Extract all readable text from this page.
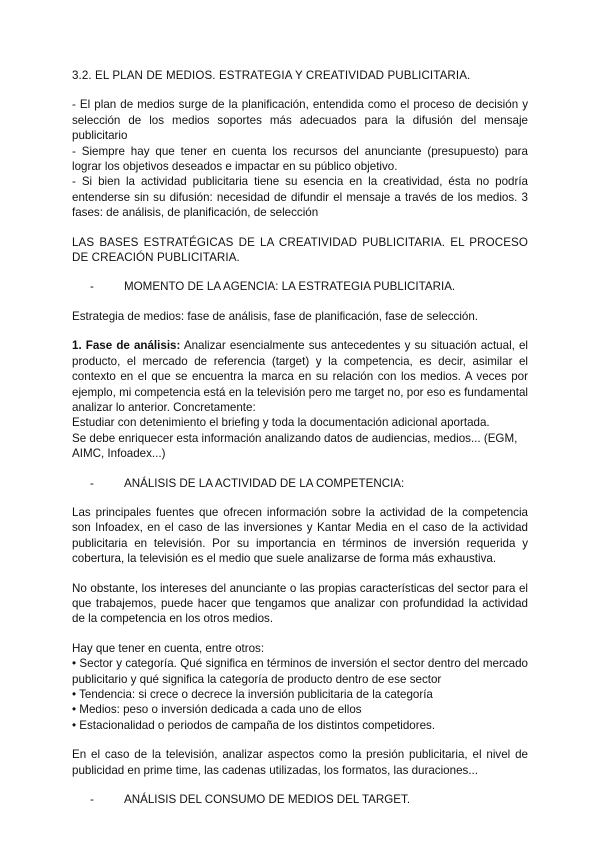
3.2. EL PLAN DE MEDIOS. ESTRATEGIA Y CREATIVIDAD PUBLICITARIA.

- El plan de medios surge de la planificación, entendida como el proceso de decisión y selección de los medios soportes más adecuados para la difusión del mensaje publicitario

- Siempre hay que tener en cuenta los recursos del anunciante (presupuesto) para lograr los objetivos deseados e impactar en su público objetivo.

- Si bien la actividad publicitaria tiene su esencia en la creatividad, ésta no podría entenderse sin su difusión: necesidad de difundir el mensaje a través de los medios. 3 fases: de análisis, de planificación, de selección

LAS BASES ESTRATÉGICAS DE LA CREATIVIDAD PUBLICITARIA. EL PROCESO DE CREACIÓN PUBLICITARIA.

-	MOMENTO DE LA AGENCIA: LA ESTRATEGIA PUBLICITARIA.

Estrategia de medios: fase de análisis, fase de planificación, fase de selección.

1. Fase de análisis: Analizar esencialmente sus antecedentes y su situación actual, el producto, el mercado de referencia (target) y la competencia, es decir, asimilar el contexto en el que se encuentra la marca en su relación con los medios. A veces por ejemplo, mi competencia está en la televisión pero me target no, por eso es fundamental analizar lo anterior. Concretamente:

Estudiar con detenimiento el briefing y toda la documentación adicional aportada.

Se debe enriquecer esta información analizando datos de audiencias, medios... (EGM, AIMC, Infoadex...)

-	ANÁLISIS DE LA ACTIVIDAD DE LA COMPETENCIA:

Las principales fuentes que ofrecen información sobre la actividad de la competencia son Infoadex, en el caso de las inversiones y Kantar Media en el caso de la actividad publicitaria en televisión. Por su importancia en términos de inversión requerida y cobertura, la televisión es el medio que suele analizarse de forma más exhaustiva.

No obstante, los intereses del anunciante o las propias características del sector para el que trabajemos, puede hacer que tengamos que analizar con profundidad la actividad de la competencia en los otros medios.

Hay que tener en cuenta, entre otros:

• Sector y categoría. Qué significa en términos de inversión el sector dentro del mercado publicitario y qué significa la categoría de producto dentro de ese sector

• Tendencia: si crece o decrece la inversión publicitaria de la categoría

• Medios: peso o inversión dedicada a cada uno de ellos

• Estacionalidad o periodos de campaña de los distintos competidores.

En el caso de la televisión, analizar aspectos como la presión publicitaria, el nivel de publicidad en prime time, las cadenas utilizadas, los formatos, las duraciones...

-	ANÁLISIS DEL CONSUMO DE MEDIOS DEL TARGET.
